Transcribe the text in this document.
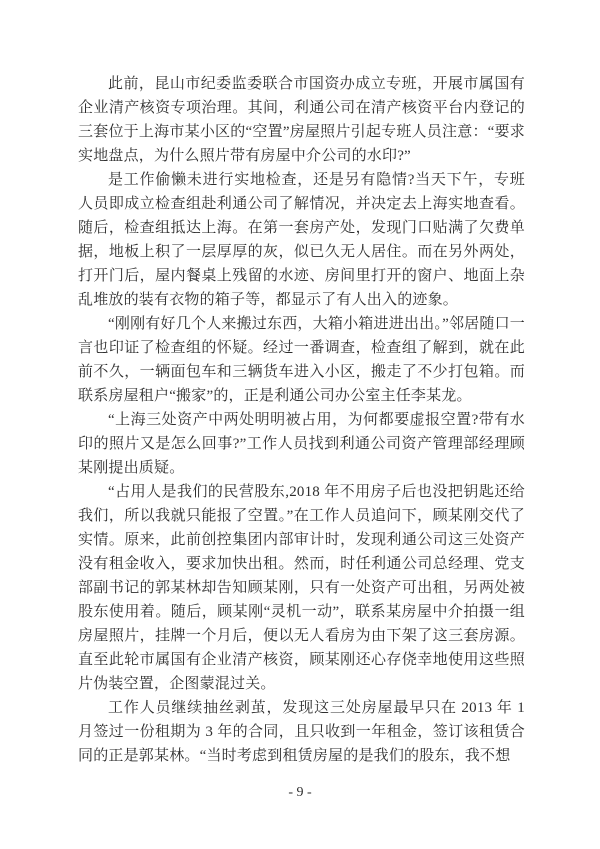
此前，昆山市纪委监委联合市国资办成立专班，开展市属国有企业清产核资专项治理。其间，利通公司在清产核资平台内登记的三套位于上海市某小区的“空置”房屋照片引起专班人员注意：“要求实地盘点，为什么照片带有房屋中介公司的水印?”

是工作偷懒未进行实地检查，还是另有隐情?当天下午，专班人员即成立检查组赴利通公司了解情况，并决定去上海实地查看。随后，检查组抵达上海。在第一套房产处，发现门口贴满了欠费单据，地板上积了一层厚厚的灰，似已久无人居住。而在另外两处，打开门后，屋内餐桌上残留的水迹、房间里打开的窗户、地面上杂乱堆放的装有衣物的箱子等，都显示了有人出入的迹象。

“刚刚有好几个人来搬过东西，大箱小箱进进出出。”邻居随口一言也印证了检查组的怀疑。经过一番调查，检查组了解到，就在此前不久，一辆面包车和三辆货车进入小区，搬走了不少打包箱。而联系房屋租户“搬家”的，正是利通公司办公室主任李某龙。

“上海三处资产中两处明明被占用，为何都要虚报空置?带有水印的照片又是怎么回事?”工作人员找到利通公司资产管理部经理顾某刚提出质疑。

“占用人是我们的民营股东,2018 年不用房子后也没把钥匙还给我们，所以我就只能报了空置。”在工作人员追问下，顾某刚交代了实情。原来，此前创控集团内部审计时，发现利通公司这三处资产没有租金收入，要求加快出租。然而，时任利通公司总经理、党支部副书记的郭某林却告知顾某刚，只有一处资产可出租，另两处被股东使用着。随后，顾某刚“灵机一动”，联系某房屋中介拍摄一组房屋照片，挂牌一个月后，便以无人看房为由下架了这三套房源。直至此轮市属国有企业清产核资，顾某刚还心存侥幸地使用这些照片伪装空置，企图蒙混过关。

工作人员继续抽丝剥茧，发现这三处房屋最早只在 2013 年 1 月签过一份租期为 3 年的合同，且只收到一年租金，签订该租赁合同的正是郭某林。“当时考虑到租赁房屋的是我们的股东，我不想

- 9 -
